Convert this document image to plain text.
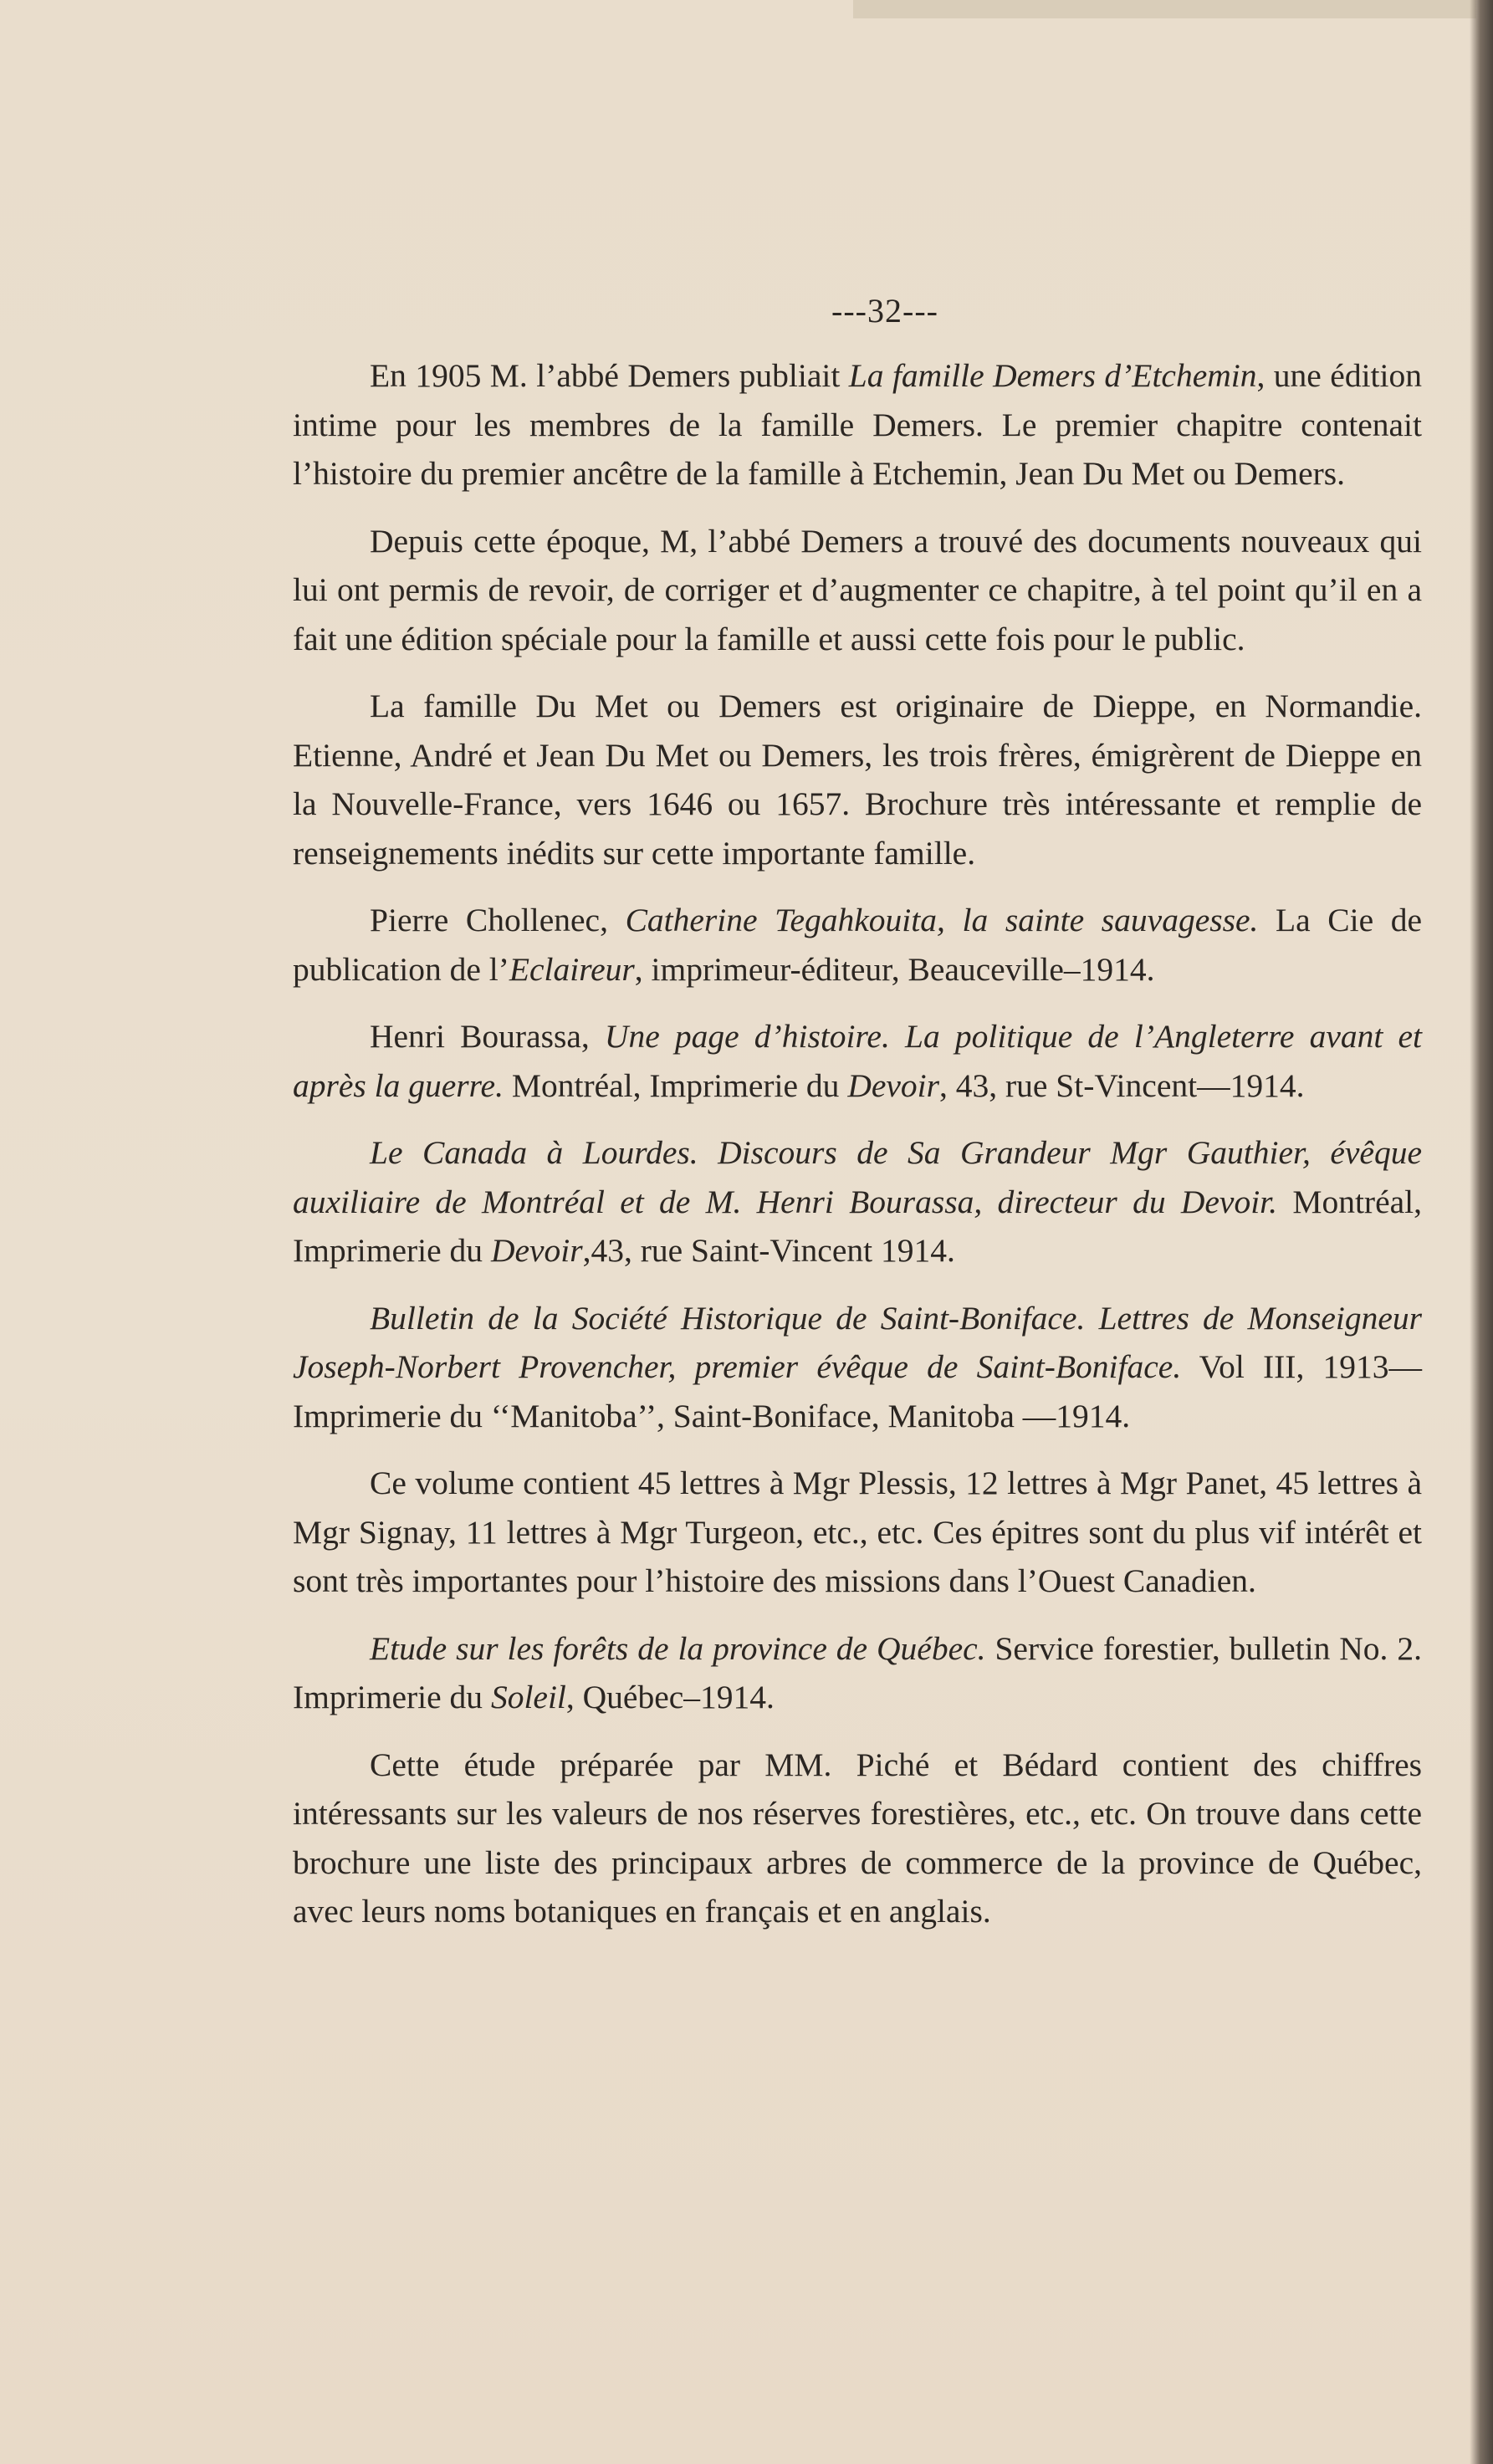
---32---

En 1905 M. l’abbé Demers publiait La famille Demers d’Etchemin, une édition intime pour les membres de la famille Demers. Le premier chapitre contenait l’histoire du premier ancêtre de la famille à Etchemin, Jean Du Met ou Demers.

Depuis cette époque, M, l’abbé Demers a trouvé des documents nouveaux qui lui ont permis de revoir, de corriger et d’augmenter ce chapitre, à tel point qu’il en a fait une édition spéciale pour la famille et aussi cette fois pour le public.

La famille Du Met ou Demers est originaire de Dieppe, en Normandie. Etienne, André et Jean Du Met ou Demers, les trois frères, émigrèrent de Dieppe en la Nouvelle-France, vers 1646 ou 1657. Brochure très intéressante et remplie de renseignements inédits sur cette importante famille.

Pierre Chollenec, Catherine Tegahkouita, la sainte sauvagesse. La Cie de publication de l’Eclaireur, imprimeur-éditeur, Beauceville–1914.

Henri Bourassa, Une page d’histoire. La politique de l’Angleterre avant et après la guerre. Montréal, Imprimerie du Devoir, 43, rue St-Vincent—1914.

Le Canada à Lourdes. Discours de Sa Grandeur Mgr Gauthier, évêque auxiliaire de Montréal et de M. Henri Bourassa, directeur du Devoir. Montréal, Imprimerie du Devoir,43, rue Saint-Vincent 1914.

Bulletin de la Société Historique de Saint-Boniface. Lettres de Monseigneur Joseph-Norbert Provencher, premier évêque de Saint-Boniface. Vol III, 1913—Imprimerie du ‘‘Manitoba’’, Saint-Boniface, Manitoba —1914.

Ce volume contient 45 lettres à Mgr Plessis, 12 lettres à Mgr Panet, 45 lettres à Mgr Signay, 11 lettres à Mgr Turgeon, etc., etc. Ces épitres sont du plus vif intérêt et sont très importantes pour l’histoire des missions dans l’Ouest Canadien.

Etude sur les forêts de la province de Québec. Service forestier, bulletin No. 2. Imprimerie du Soleil, Québec–1914.

Cette étude préparée par MM. Piché et Bédard contient des chiffres intéressants sur les valeurs de nos réserves forestières, etc., etc. On trouve dans cette brochure une liste des principaux arbres de commerce de la province de Québec, avec leurs noms botaniques en français et en anglais.
